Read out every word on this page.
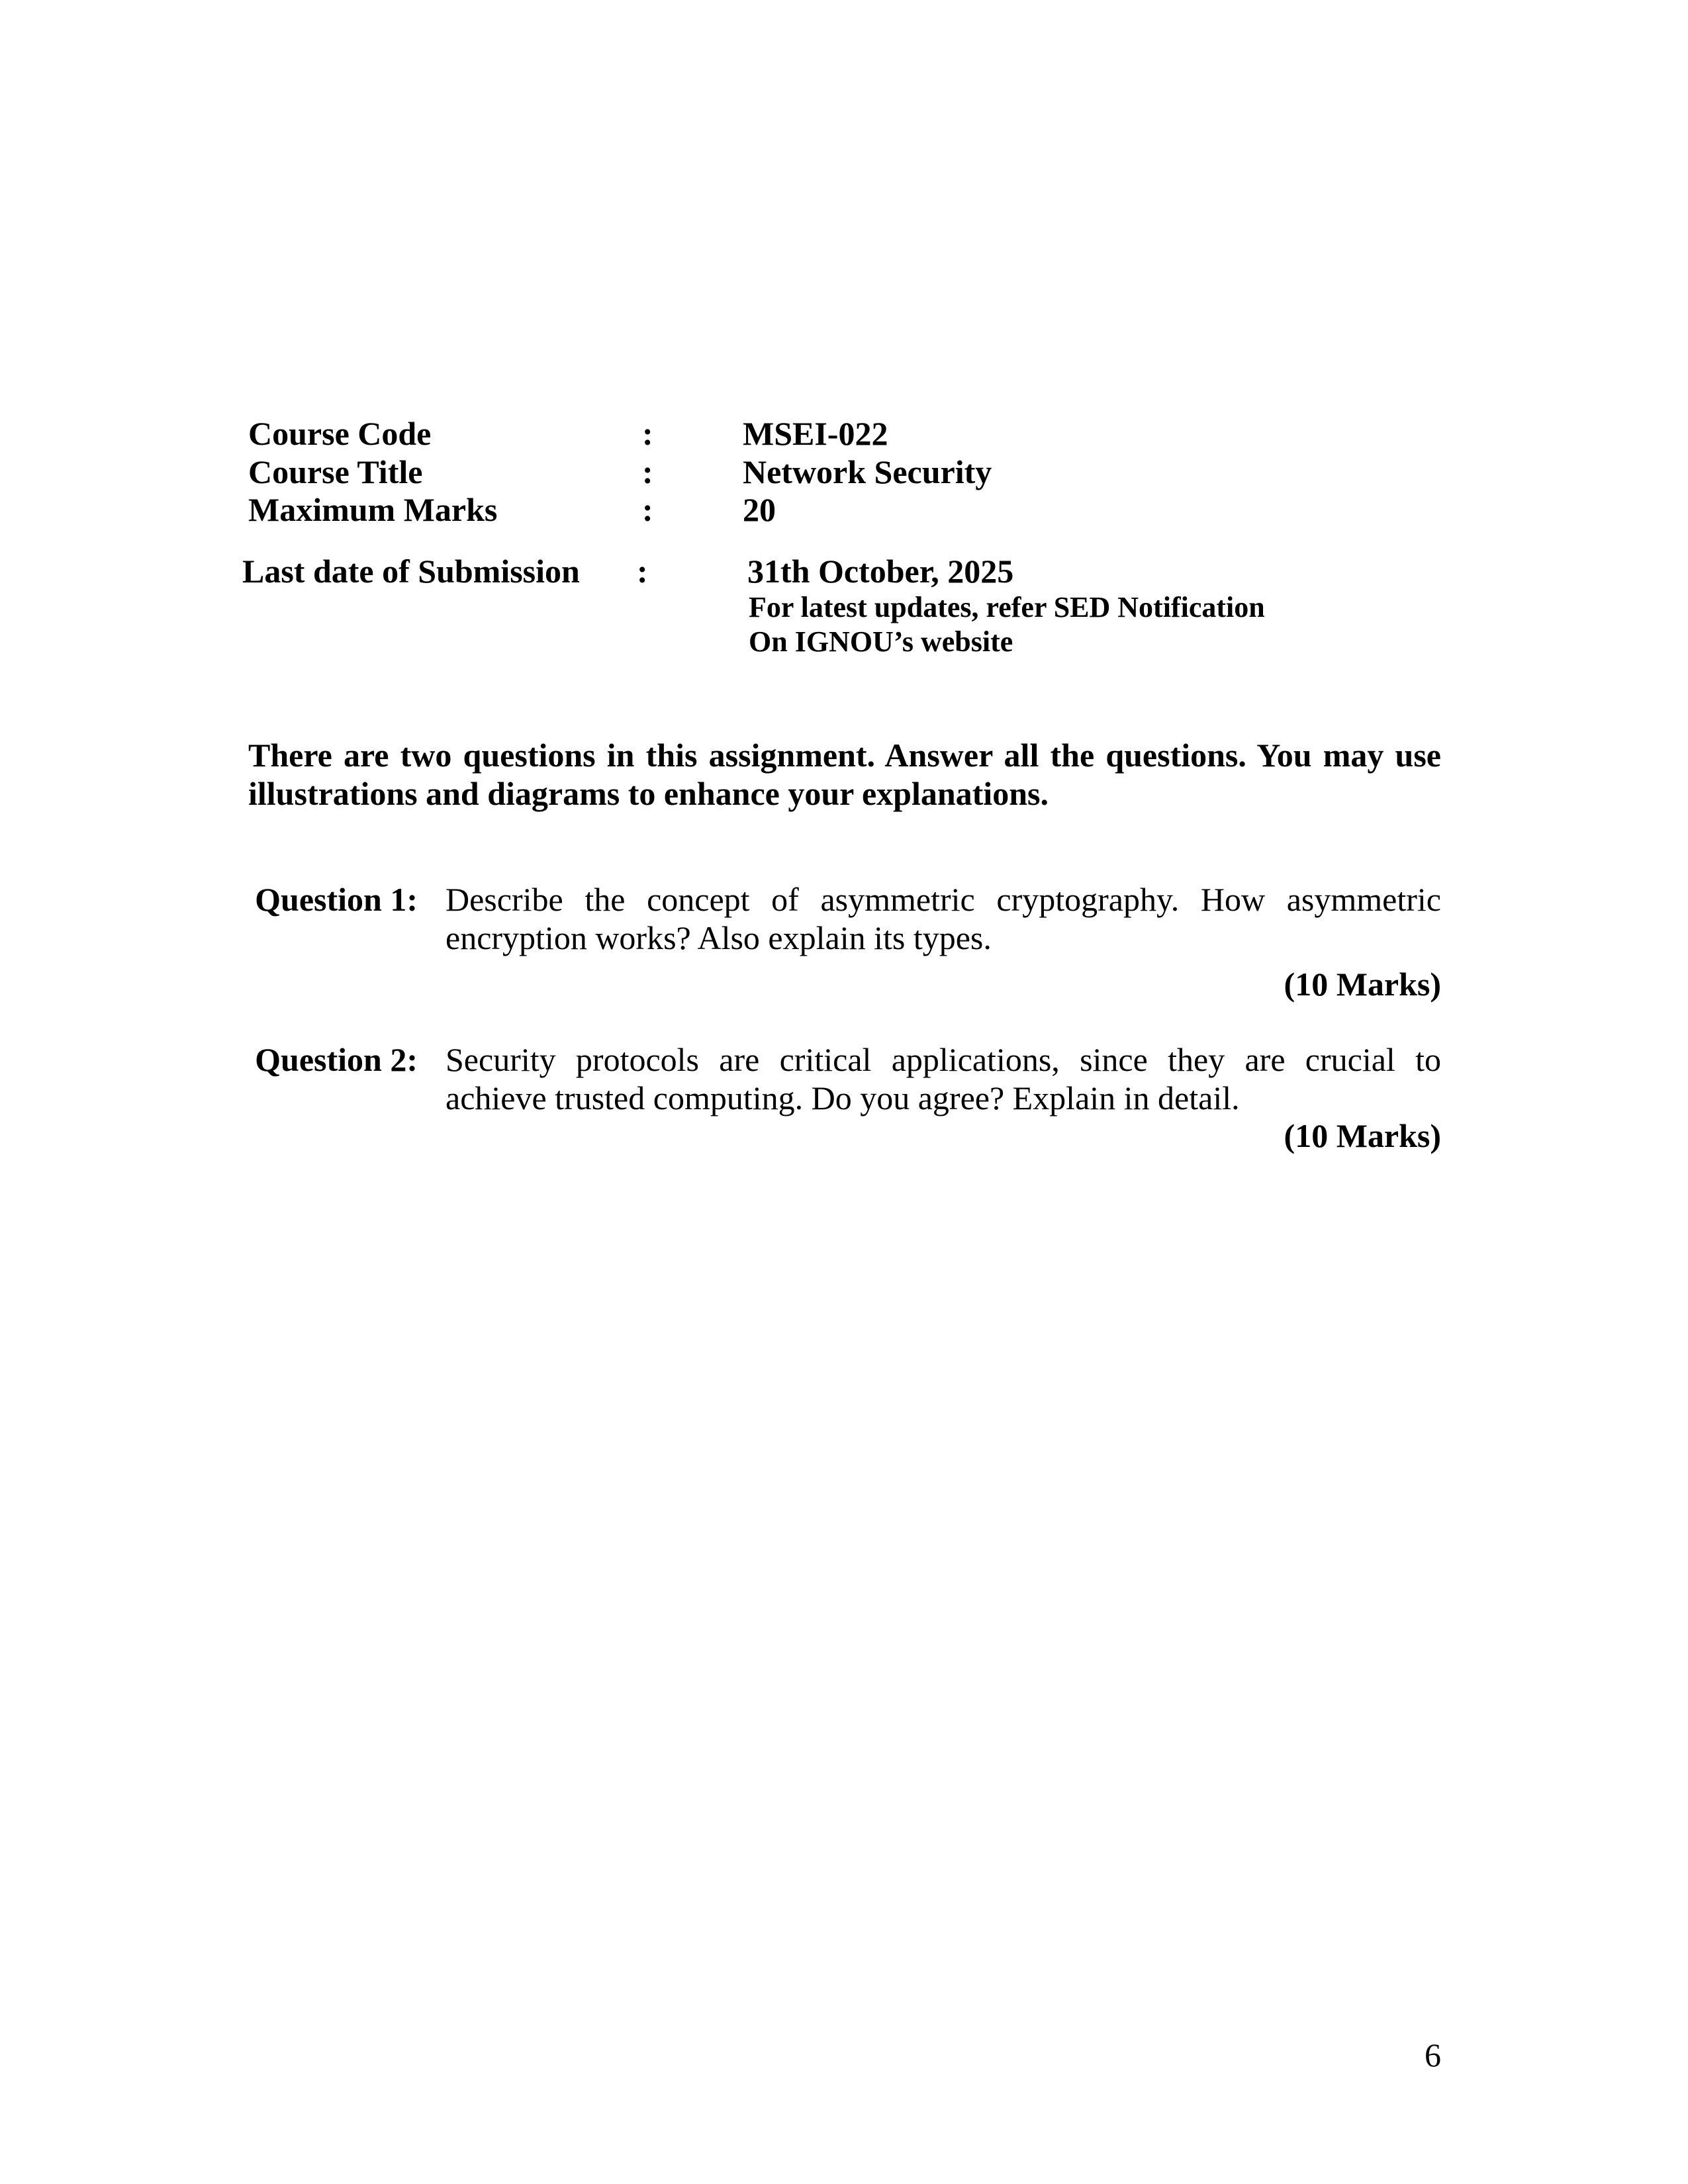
Course Code	:	MSEI-022
Course Title	:	Network Security
Maximum Marks	:	20
Last date of Submission :	31th October, 2025
For latest updates, refer SED Notification
On IGNOU’s website
There are two questions in this assignment. Answer all the questions. You may use illustrations and diagrams to enhance your explanations.
Question 1: Describe the concept of asymmetric cryptography. How asymmetric encryption works? Also explain its types.
(10 Marks)
Question 2: Security protocols are critical applications, since they are crucial to achieve trusted computing. Do you agree? Explain in detail.
(10 Marks)
6
